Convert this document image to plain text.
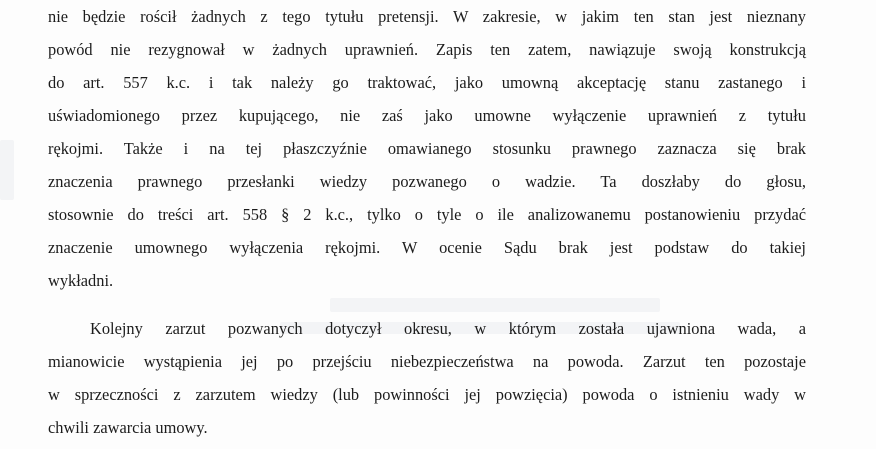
nie będzie rościł żadnych z tego tytułu pretensji. W zakresie, w jakim ten stan jest nieznany
powód nie rezygnował w żadnych uprawnień. Zapis ten zatem, nawiązuje swoją konstrukcją
do art. 557 k.c. i tak należy go traktować, jako umowną akceptację stanu zastanego i
uświadomionego przez kupującego, nie zaś jako umowne wyłączenie uprawnień z tytułu
rękojmi. Także i na tej płaszczyźnie omawianego stosunku prawnego zaznacza się brak
znaczenia prawnego przesłanki wiedzy pozwanego o wadzie. Ta doszłaby do głosu,
stosownie do treści art. 558 § 2 k.c., tylko o tyle o ile analizowanemu postanowieniu przydać
znaczenie umownego wyłączenia rękojmi. W ocenie Sądu brak jest podstaw do takiej
wykładni.
Kolejny zarzut pozwanych dotyczył okresu, w którym została ujawniona wada, a
mianowicie wystąpienia jej po przejściu niebezpieczeństwa na powoda. Zarzut ten pozostaje
w sprzeczności z zarzutem wiedzy (lub powinności jej powzięcia) powoda o istnieniu wady w
chwili zawarcia umowy.
